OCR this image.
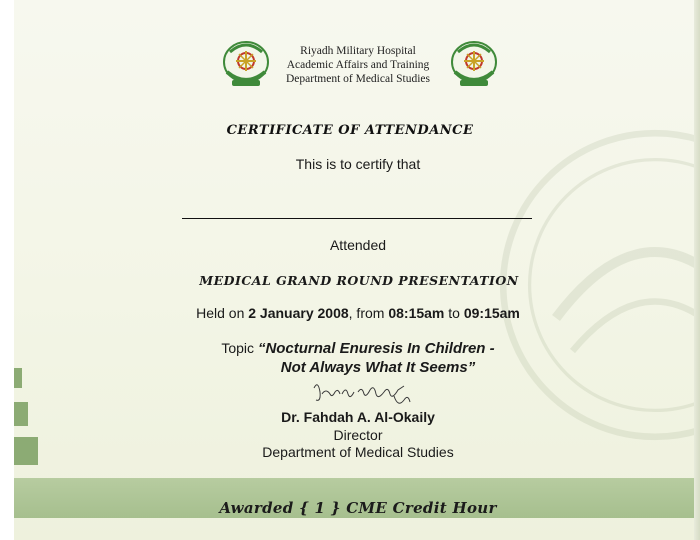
Riyadh Military Hospital
Academic Affairs and Training
Department of Medical Studies
CERTIFICATE OF ATTENDANCE
This is to certify that
Attended
MEDICAL GRAND ROUND PRESENTATION
Held on 2 January 2008, from 08:15am to 09:15am
Topic “Nocturnal Enuresis In Children -
Not Always What It Seems”
Dr. Fahdah A. Al-Okaily
Director
Department of Medical Studies
Awarded { 1 } CME Credit Hour
